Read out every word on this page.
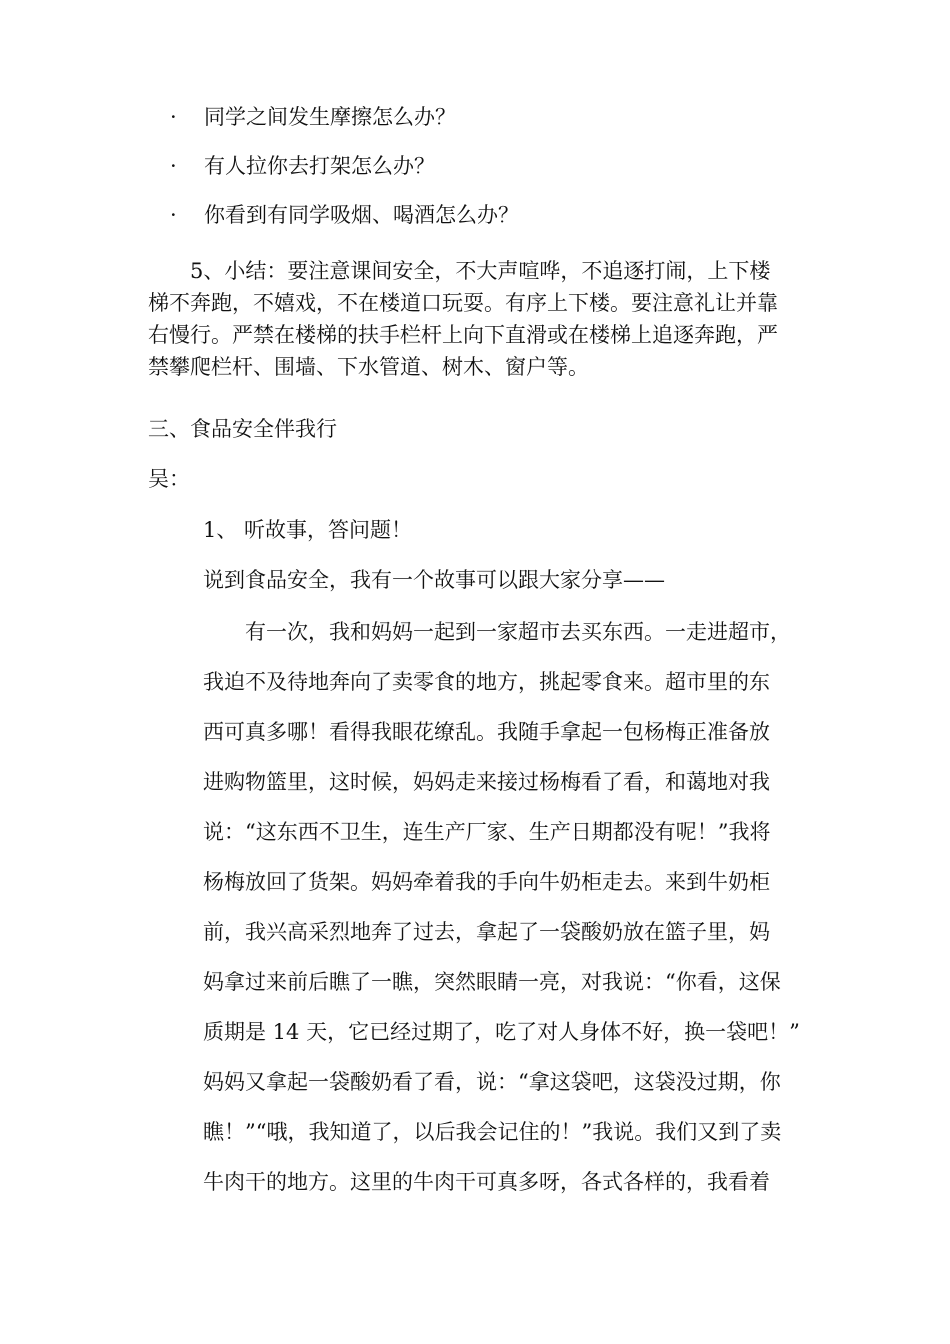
· 同学之间发生摩擦怎么办？
· 有人拉你去打架怎么办？
· 你看到有同学吸烟、喝酒怎么办？
5、小结：要注意课间安全，不大声喧哗，不追逐打闹，上下楼
梯不奔跑，不嬉戏，不在楼道口玩耍。有序上下楼。要注意礼让并靠
右慢行。严禁在楼梯的扶手栏杆上向下直滑或在楼梯上追逐奔跑，严
禁攀爬栏杆、围墙、下水管道、树木、窗户等。
三、食品安全伴我行
吴：
1、 听故事，答问题！
说到食品安全，我有一个故事可以跟大家分享——
有一次，我和妈妈一起到一家超市去买东西。一走进超市，
我迫不及待地奔向了卖零食的地方，挑起零食来。超市里的东
西可真多哪！看得我眼花缭乱。我随手拿起一包杨梅正准备放
进购物篮里，这时候，妈妈走来接过杨梅看了看，和蔼地对我
说：“这东西不卫生，连生产厂家、生产日期都没有呢！”我将
杨梅放回了货架。妈妈牵着我的手向牛奶柜走去。来到牛奶柜
前，我兴高采烈地奔了过去，拿起了一袋酸奶放在篮子里，妈
妈拿过来前后瞧了一瞧，突然眼睛一亮，对我说：“你看，这保
质期是 14 天，它已经过期了，吃了对人身体不好，换一袋吧！”
妈妈又拿起一袋酸奶看了看，说：“拿这袋吧，这袋没过期，你
瞧！”“哦，我知道了，以后我会记住的！”我说。我们又到了卖
牛肉干的地方。这里的牛肉干可真多呀，各式各样的，我看着
